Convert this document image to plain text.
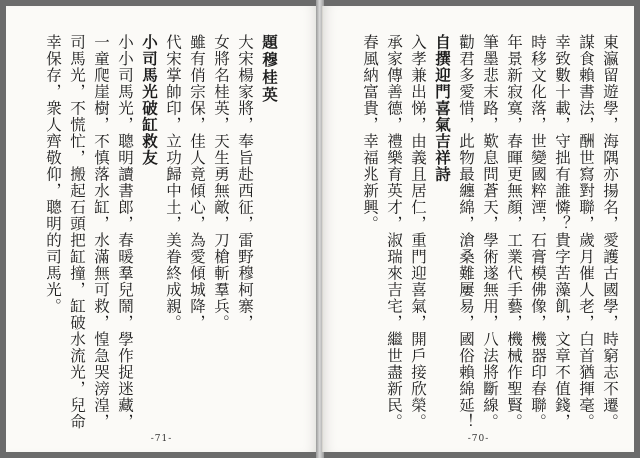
題穆桂英
大宋楊家將，奉旨赴西征，雷野穆柯寨，
女將名桂英，天生勇無敵，刀槍斬羣兵。
雖有俏宗保，佳人竟傾心，為愛傾城降，
代宋掌帥印，立功歸中土，美眷終成親。
小司馬光破缸救友
小小司馬光，聰明讀書郎，春暖羣兒鬧，學作捉迷藏，
一童爬崖樹，不慎落水缸，水滿無可救，惶急哭滂湟，
司馬光，不慌忙，搬起石頭把缸撞，缸破水流光，兒命
幸保存，衆人齊敬仰，聰明的司馬光。
-71-
東瀛留遊學，海隅亦揚名，愛護古國學，時窮志不遷。
謀食賴書法，酬世寫對聯，歲月催人老，白首猶揮毫。
幸致數十載，守拙有誰憐？貴字苦藻飢，文章不值錢，
時移文化落，世變國粹湮，石膏模佛像，機器印春聯。
年景新寂寞，春暉更無顏，工業代手藝，機械作聖賢。
筆墨悲末路，歎息問蒼天，學術遂無用，八法將斷線。
勸君多愛惜，此物最纏綿，滄桑難屢易，國俗賴綿延！
自撰迎門喜氣吉祥詩
入孝兼出悌，由義且居仁，重門迎喜氣，開戶接欣榮。
承家傳善德，禮樂育英才，淑瑞來吉宅，繼世盡新民。
春風納富貴，幸福兆新興。
-70-
